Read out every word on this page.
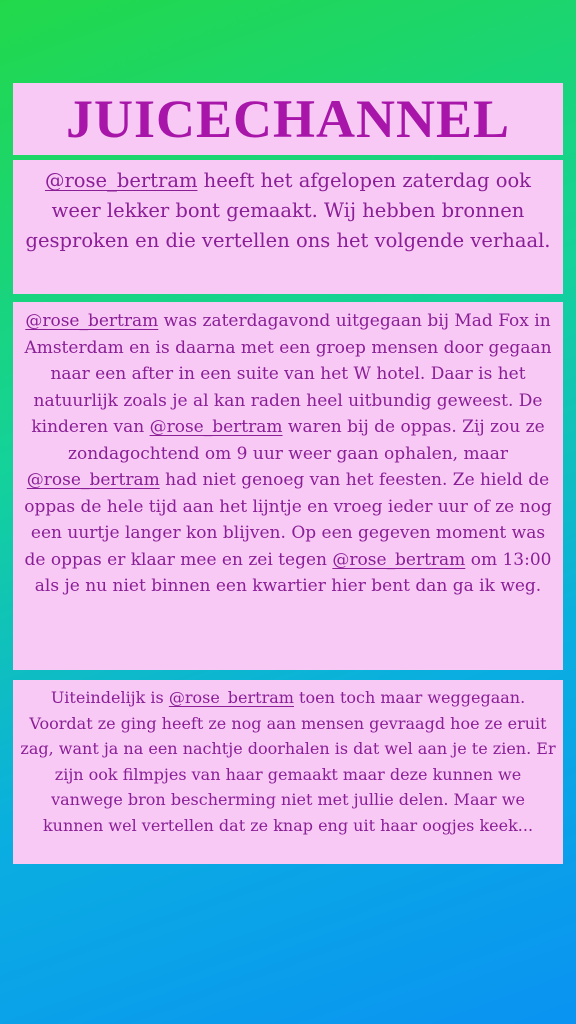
JUICECHANNEL

@rose_bertram heeft het afgelopen zaterdag ook weer lekker bont gemaakt. Wij hebben bronnen gesproken en die vertellen ons het volgende verhaal.

@rose_bertram was zaterdagavond uitgegaan bij Mad Fox in Amsterdam en is daarna met een groep mensen door gegaan naar een after in een suite van het W hotel. Daar is het natuurlijk zoals je al kan raden heel uitbundig geweest. De kinderen van @rose_bertram waren bij de oppas. Zij zou ze zondagochtend om 9 uur weer gaan ophalen, maar @rose_bertram had niet genoeg van het feesten. Ze hield de oppas de hele tijd aan het lijntje en vroeg ieder uur of ze nog een uurtje langer kon blijven. Op een gegeven moment was de oppas er klaar mee en zei tegen @rose_bertram om 13:00 als je nu niet binnen een kwartier hier bent dan ga ik weg.

Uiteindelijk is @rose_bertram toen toch maar weggegaan. Voordat ze ging heeft ze nog aan mensen gevraagd hoe ze eruit zag, want ja na een nachtje doorhalen is dat wel aan je te zien. Er zijn ook filmpjes van haar gemaakt maar deze kunnen we vanwege bron bescherming niet met jullie delen. Maar we kunnen wel vertellen dat ze knap eng uit haar oogjes keek...
